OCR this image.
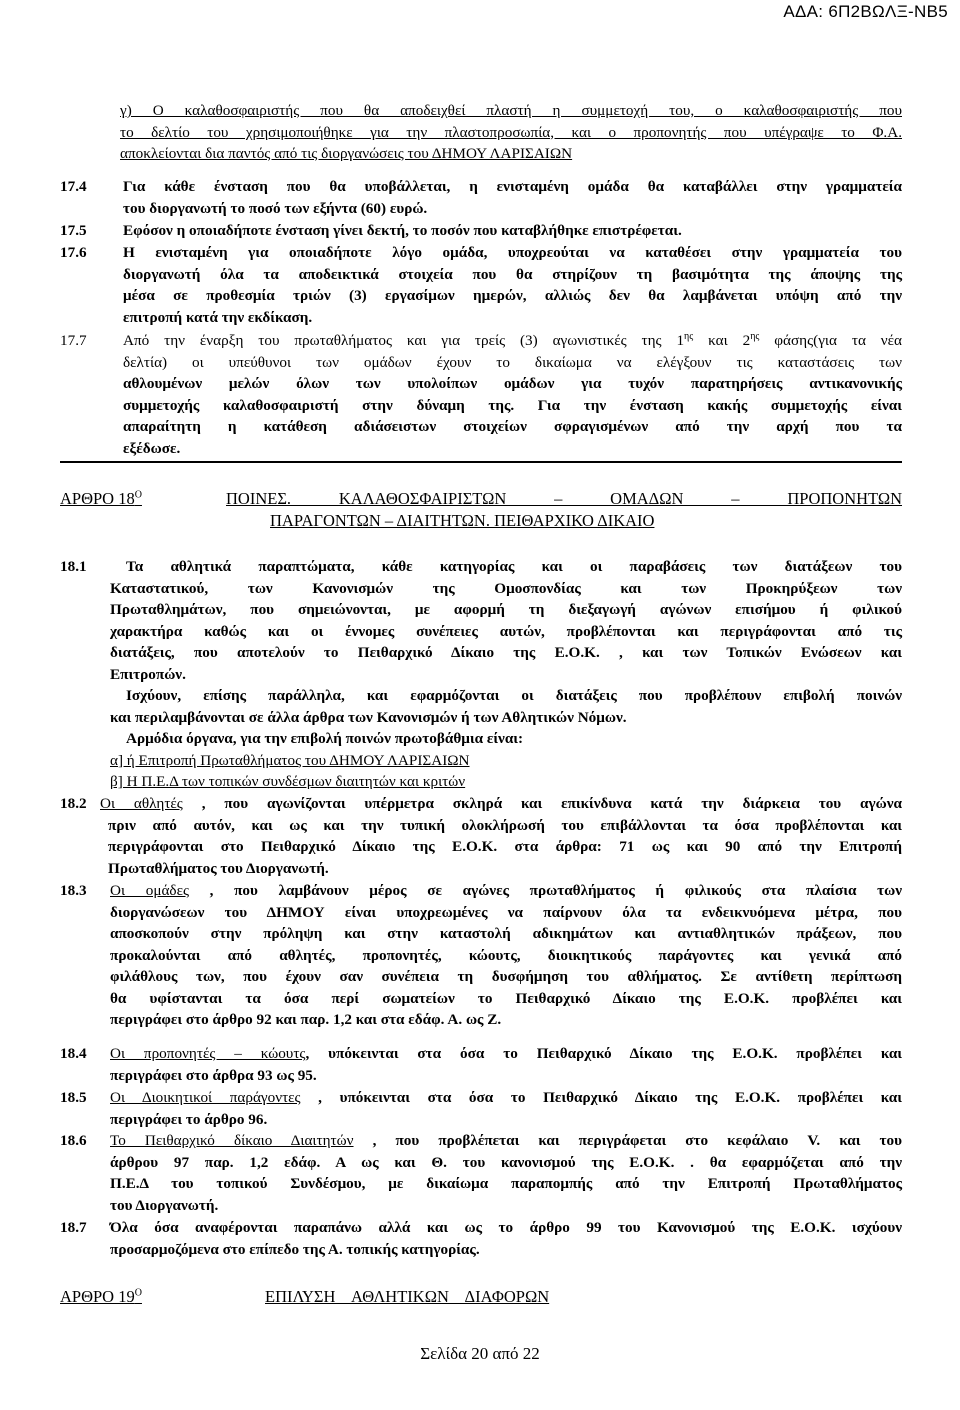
ΑΔΑ: 6Π2ΒΩΛΞ-ΝΒ5
γ) Ο καλαθοσφαιριστής που θα αποδειχθεί πλαστή η συμμετοχή του, ο καλαθοσφαιριστής που
το δελτίο του χρησιμοποιήθηκε για την πλαστοπροσωπία, και ο προπονητής που υπέγραψε το Φ.Α.
αποκλείονται δια παντός από τις διοργανώσεις του ΔΗΜΟΥ ΛΑΡΙΣΑΙΩΝ
17.4 Για κάθε ένσταση που θα υποβάλλεται, η ενισταμένη ομάδα θα καταβάλλει στην γραμματεία
του διοργανωτή το ποσό των εξήντα (60) ευρώ.
17.5 Εφόσον η οποιαδήποτε ένσταση γίνει δεκτή, το ποσόν που καταβλήθηκε επιστρέφεται.
17.6 Η ενισταμένη για οποιαδήποτε λόγο ομάδα, υποχρεούται να καταθέσει στην γραμματεία του
διοργανωτή όλα τα αποδεικτικά στοιχεία που θα στηρίζουν τη βασιμότητα της άποψης της
μέσα σε προθεσμία τριών (3) εργασίμων ημερών, αλλιώς δεν θα λαμβάνεται υπόψη από την
επιτροπή κατά την εκδίκαση.
17.7 Από την έναρξη του πρωταθλήματος και για τρείς (3) αγωνιστικές της $1^{\eta\varsigma}$ και $2^{\eta\varsigma}$ φάσης(για τα νέα
δελτία) οι υπεύθυνοι των ομάδων έχουν το δικαίωμα να ελέγξουν τις καταστάσεις των
αθλουμένων μελών όλων των υπολοίπων ομάδων για τυχόν παρατηρήσεις αντικανονικής
συμμετοχής καλαθοσφαιριστή στην δύναμη της. Για την ένσταση κακής συμμετοχής είναι
απαραίτητη η κατάθεση αδιάσειστων στοιχείων σφραγισμένων από την αρχή που τα
εξέδωσε.
ΑΡΘΡΟ $18^O$	ΠΟΙΝΕΣ. ΚΑΛΑΘΟΣΦΑΙΡΙΣΤΩΝ – ΟΜΑΔΩΝ – ΠΡΟΠΟΝΗΤΩΝ
ΠΑΡΑΓΟΝΤΩΝ – ΔΙΑΙΤΗΤΩΝ. ΠΕΙΘΑΡΧΙΚΟ ΔΙΚΑΙΟ
18.1	Τα αθλητικά παραπτώματα, κάθε κατηγορίας και οι παραβάσεις των διατάξεων του
Καταστατικού, των Κανονισμών της Ομοσπονδίας και των Προκηρύξεων των
Πρωταθλημάτων, που σημειώνονται, με αφορμή τη διεξαγωγή αγώνων επισήμου ή φιλικού
χαρακτήρα καθώς και οι έννομες συνέπειες αυτών, προβλέπονται και περιγράφονται από τις
διατάξεις, που αποτελούν το Πειθαρχικό Δίκαιο της Ε.Ο.Κ. , και των Τοπικών Ενώσεων και
Επιτροπών.
Ισχύουν, επίσης παράλληλα, και εφαρμόζονται οι διατάξεις που προβλέπουν επιβολή ποινών
και περιλαμβάνονται σε άλλα άρθρα των Κανονισμών ή των Αθλητικών Νόμων.
Αρμόδια όργανα, για την επιβολή ποινών πρωτοβάθμια είναι:
α] ή Επιτροπή Πρωταθλήματος του ΔΗΜΟΥ ΛΑΡΙΣΑΙΩΝ
β] Η Π.Ε.Δ των τοπικών συνδέσμων διαιτητών και κριτών
18.2 Οι αθλητές , που αγωνίζονται υπέρμετρα σκληρά και επικίνδυνα κατά την διάρκεια του αγώνα
πριν από αυτόν, και ως και την τυπική ολοκλήρωσή του επιβάλλονται τα όσα προβλέπονται και
περιγράφονται στο Πειθαρχικό Δίκαιο της Ε.Ο.Κ. στα άρθρα: 71 ως και 90 από την Επιτροπή
Πρωταθλήματος του Διοργανωτή.
18.3 Οι ομάδες , που λαμβάνουν μέρος σε αγώνες πρωταθλήματος ή φιλικούς στα πλαίσια των
διοργανώσεων του ΔΗΜΟΥ είναι υποχρεωμένες να παίρνουν όλα τα ενδεικνυόμενα μέτρα, που
αποσκοπούν στην πρόληψη και στην καταστολή αδικημάτων και αντιαθλητικών πράξεων, που
προκαλούνται από αθλητές, προπονητές, κώουτς, διοικητικούς παράγοντες και γενικά από
φιλάθλους των, που έχουν σαν συνέπεια τη δυσφήμηση του αθλήματος. Σε αντίθετη περίπτωση
θα υφίστανται τα όσα περί σωματείων το Πειθαρχικό Δίκαιο της Ε.Ο.Κ. προβλέπει και
περιγράφει στο άρθρο 92 και παρ. 1,2 και στα εδάφ. Α. ως Ζ.
18.4 Οι προπονητές – κώουτς, υπόκεινται στα όσα το Πειθαρχικό Δίκαιο της Ε.Ο.Κ. προβλέπει και
περιγράφει στο άρθρα 93 ως 95.
18.5 Οι Διοικητικοί παράγοντες , υπόκεινται στα όσα το Πειθαρχικό Δίκαιο της Ε.Ο.Κ. προβλέπει και
περιγράφει το άρθρο 96.
18.6 Το Πειθαρχικό δίκαιο Διαιτητών , που προβλέπεται και περιγράφεται στο κεφάλαιο V. και του
άρθρου 97 παρ. 1,2 εδάφ. Α ως και Θ. του κανονισμού της Ε.Ο.Κ. . θα εφαρμόζεται από την
Π.Ε.Δ του τοπικού Συνδέσμου, με δικαίωμα παραπομπής από την Επιτροπή Πρωταθλήματος
του Διοργανωτή.
18.7 Όλα όσα αναφέρονται παραπάνω αλλά και ως το άρθρο 99 του Κανονισμού της Ε.Ο.Κ. ισχύουν
προσαρμοζόμενα στο επίπεδο της Α. τοπικής κατηγορίας.
ΑΡΘΡΟ $19^O$	ΕΠΙΛΥΣΗ    ΑΘΛΗΤΙΚΩΝ    ΔΙΑΦΟΡΩΝ
Σελίδα 20 από 22
